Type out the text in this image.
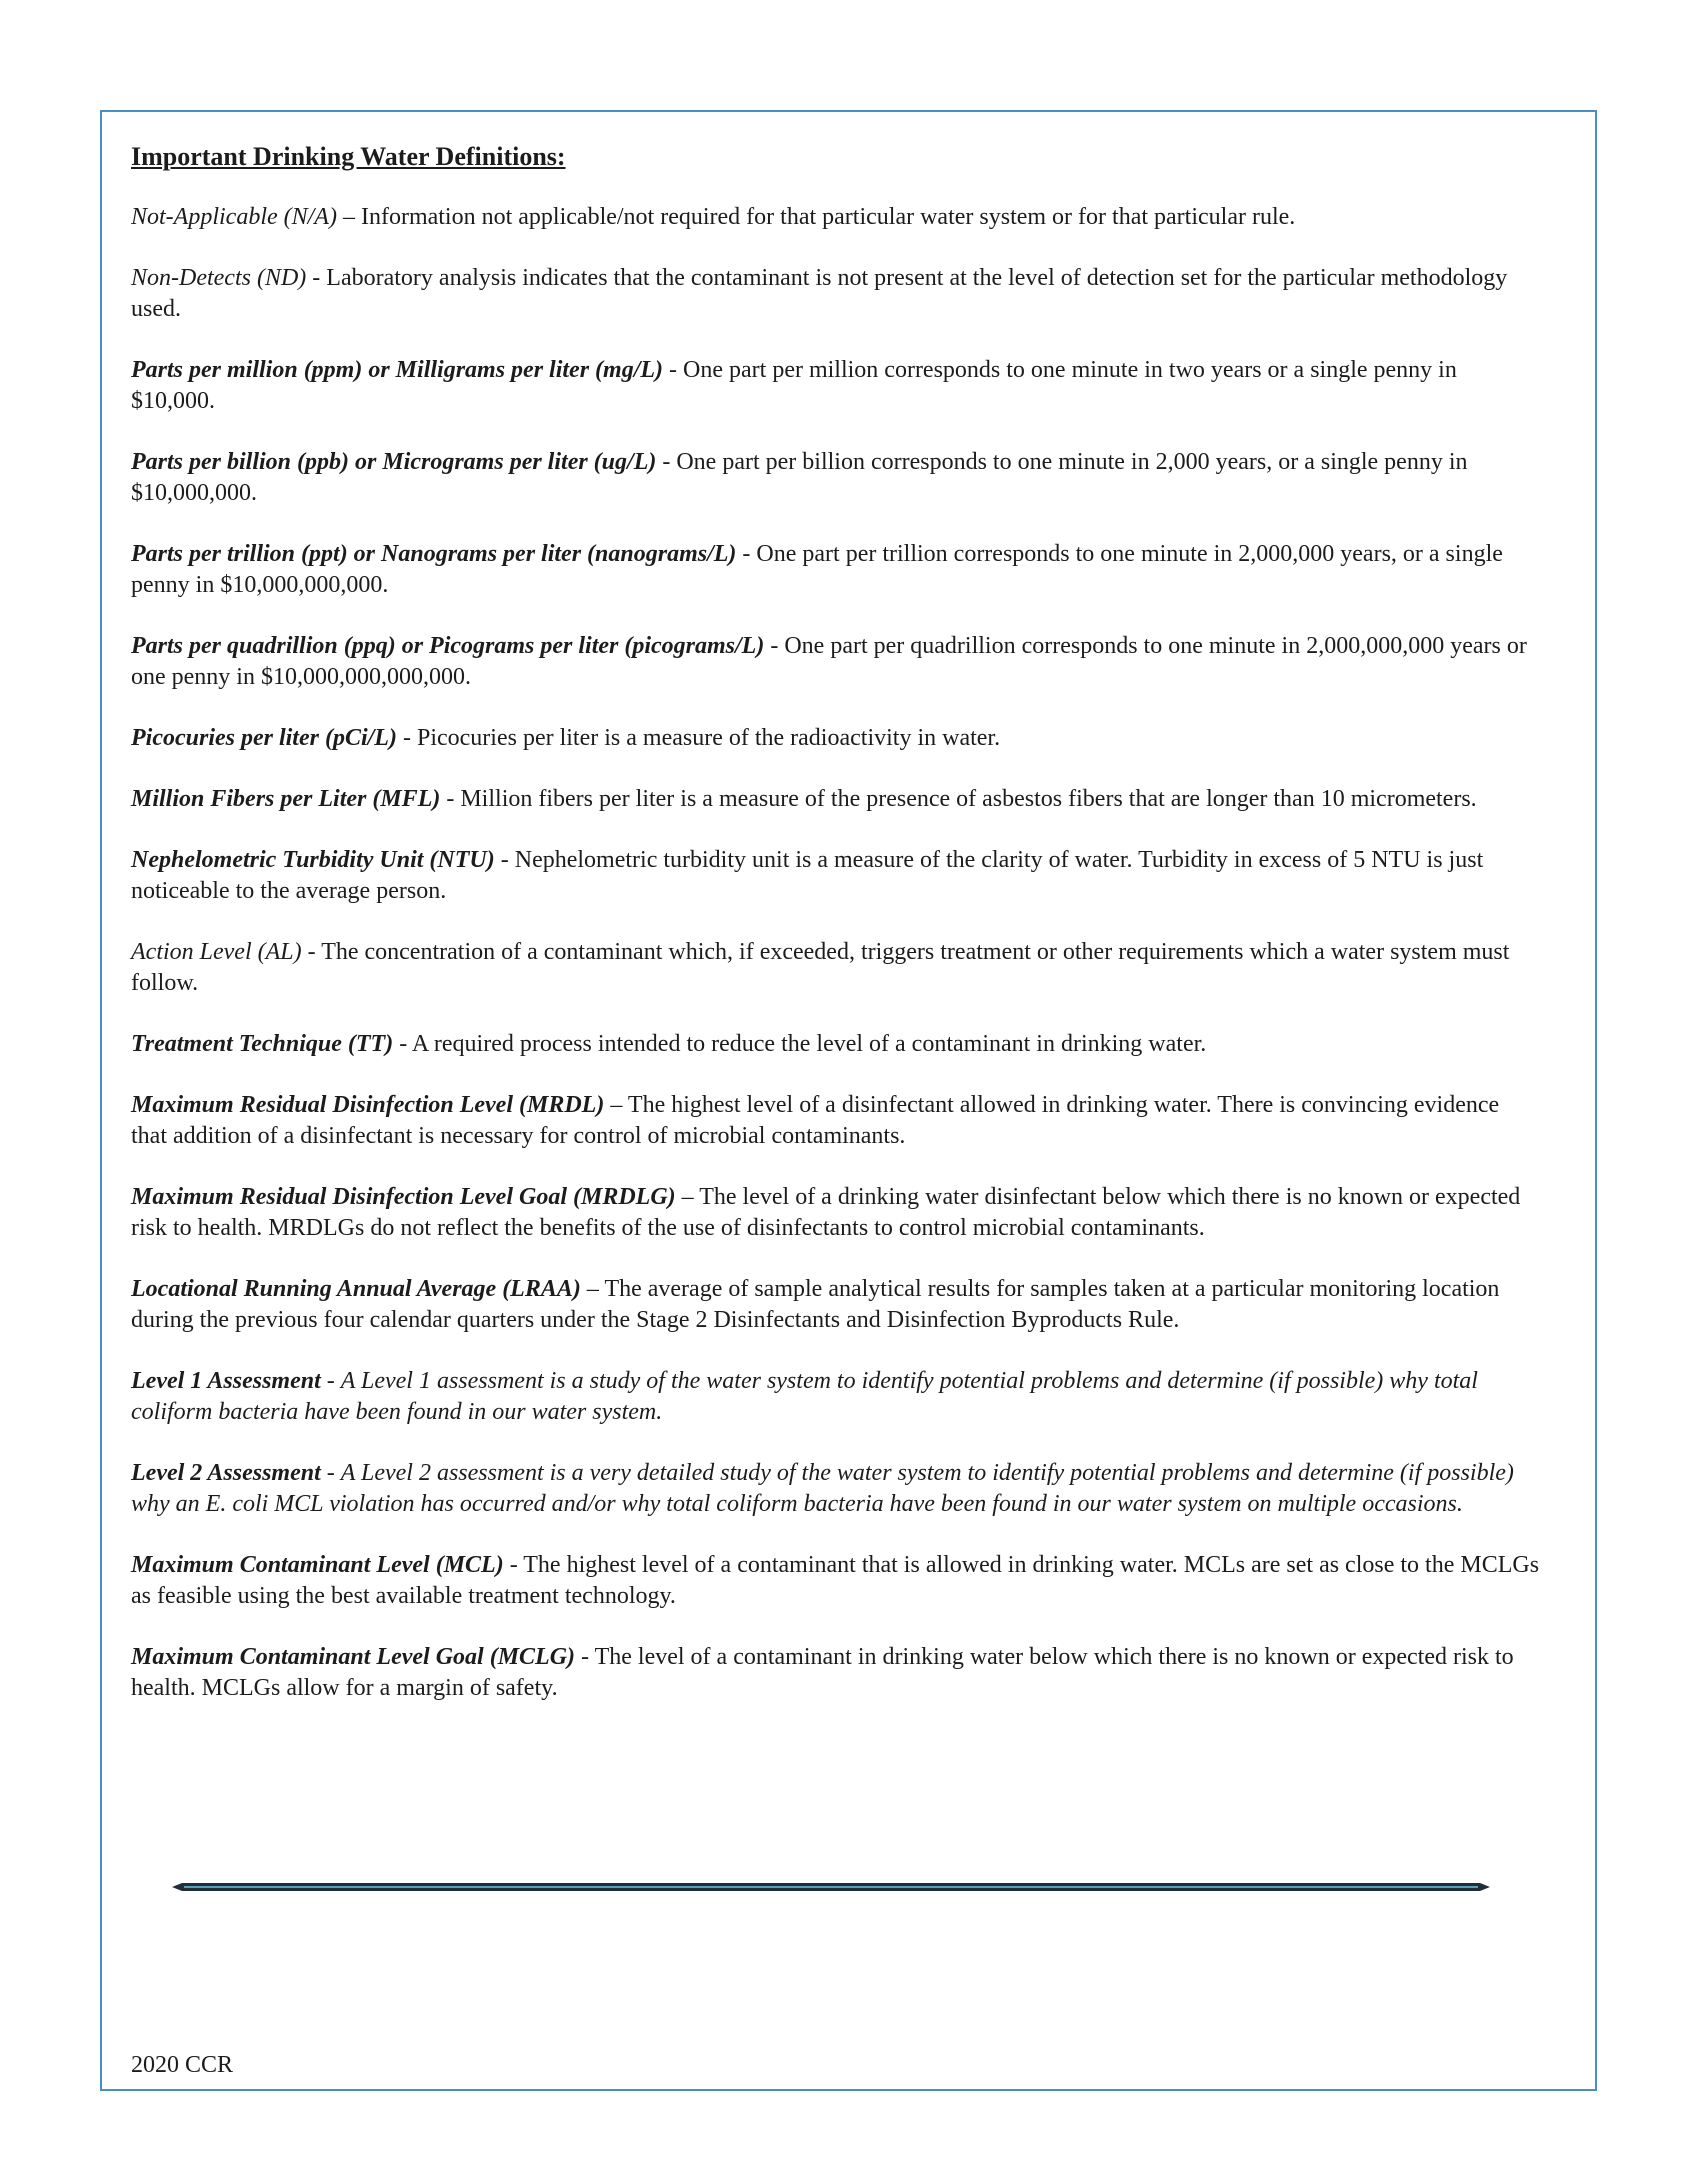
Important Drinking Water Definitions:

Not-Applicable (N/A) – Information not applicable/not required for that particular water system or for that particular rule.

Non-Detects (ND) - Laboratory analysis indicates that the contaminant is not present at the level of detection set for the particular methodology used.

Parts per million (ppm) or Milligrams per liter (mg/L) - One part per million corresponds to one minute in two years or a single penny in $10,000.

Parts per billion (ppb) or Micrograms per liter (ug/L) - One part per billion corresponds to one minute in 2,000 years, or a single penny in $10,000,000.

Parts per trillion (ppt) or Nanograms per liter (nanograms/L) - One part per trillion corresponds to one minute in 2,000,000 years, or a single penny in $10,000,000,000.

Parts per quadrillion (ppq) or Picograms per liter (picograms/L) - One part per quadrillion corresponds to one minute in 2,000,000,000 years or one penny in $10,000,000,000,000.

Picocuries per liter (pCi/L) - Picocuries per liter is a measure of the radioactivity in water.

Million Fibers per Liter (MFL) - Million fibers per liter is a measure of the presence of asbestos fibers that are longer than 10 micrometers.

Nephelometric Turbidity Unit (NTU) - Nephelometric turbidity unit is a measure of the clarity of water. Turbidity in excess of 5 NTU is just noticeable to the average person.

Action Level (AL) - The concentration of a contaminant which, if exceeded, triggers treatment or other requirements which a water system must follow.

Treatment Technique (TT) - A required process intended to reduce the level of a contaminant in drinking water.

Maximum Residual Disinfection Level (MRDL) – The highest level of a disinfectant allowed in drinking water. There is convincing evidence that addition of a disinfectant is necessary for control of microbial contaminants.

Maximum Residual Disinfection Level Goal (MRDLG) – The level of a drinking water disinfectant below which there is no known or expected risk to health. MRDLGs do not reflect the benefits of the use of disinfectants to control microbial contaminants.

Locational Running Annual Average (LRAA) – The average of sample analytical results for samples taken at a particular monitoring location during the previous four calendar quarters under the Stage 2 Disinfectants and Disinfection Byproducts Rule.

Level 1 Assessment - A Level 1 assessment is a study of the water system to identify potential problems and determine (if possible) why total coliform bacteria have been found in our water system.

Level 2 Assessment - A Level 2 assessment is a very detailed study of the water system to identify potential problems and determine (if possible) why an E. coli MCL violation has occurred and/or why total coliform bacteria have been found in our water system on multiple occasions.

Maximum Contaminant Level (MCL) - The highest level of a contaminant that is allowed in drinking water. MCLs are set as close to the MCLGs as feasible using the best available treatment technology.

Maximum Contaminant Level Goal (MCLG) - The level of a contaminant in drinking water below which there is no known or expected risk to health. MCLGs allow for a margin of safety.

2020 CCR
